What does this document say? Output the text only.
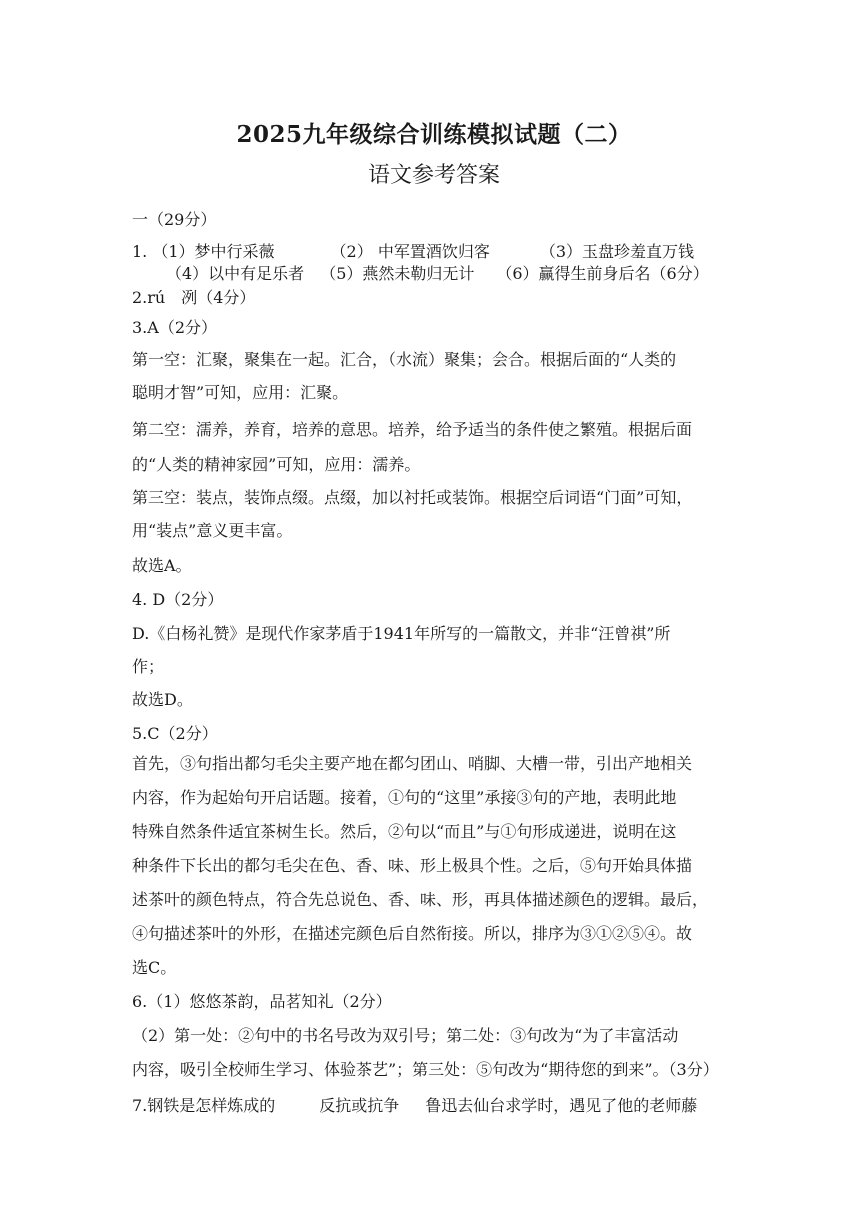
2025九年级综合训练模拟试题（二）
语文参考答案
一（29分）
1. （1）梦中行采薇	（2） 中军置酒饮归客	（3）玉盘珍羞直万钱
（4）以中有足乐者 （5）燕然未勒归无计 （6）赢得生前身后名（6分）
2.rú　冽（4分）
3.A（2分）
第一空：汇聚，聚集在一起。汇合，（水流）聚集；会合。根据后面的“人类的
聪明才智”可知，应用：汇聚。
第二空：濡养，养育，培养的意思。培养，给予适当的条件使之繁殖。根据后面
的“人类的精神家园”可知，应用：濡养。
第三空：装点，装饰点缀。点缀，加以衬托或装饰。根据空后词语“门面”可知，
用“装点”意义更丰富。
故选A。
4. D（2分）
D.《白杨礼赞》是现代作家茅盾于1941年所写的一篇散文，并非“汪曾祺”所
作；
故选D。
5.C（2分）
首先，③句指出都匀毛尖主要产地在都匀团山、哨脚、大槽一带，引出产地相关
内容，作为起始句开启话题。接着，①句的“这里”承接③句的产地，表明此地
特殊自然条件适宜茶树生长。然后，②句以“而且”与①句形成递进，说明在这
种条件下长出的都匀毛尖在色、香、味、形上极具个性。之后，⑤句开始具体描
述茶叶的颜色特点，符合先总说色、香、味、形，再具体描述颜色的逻辑。最后，
④句描述茶叶的外形，在描述完颜色后自然衔接。所以，排序为③①②⑤④。故
选C。
6.（1）悠悠茶韵，品茗知礼（2分）
（2）第一处：②句中的书名号改为双引号；第二处：③句改为“为了丰富活动
内容，吸引全校师生学习、体验茶艺”；第三处：⑤句改为“期待您的到来”。（3分）
7.钢铁是怎样炼成的	反抗或抗争 鲁迅去仙台求学时，遇见了他的老师藤
